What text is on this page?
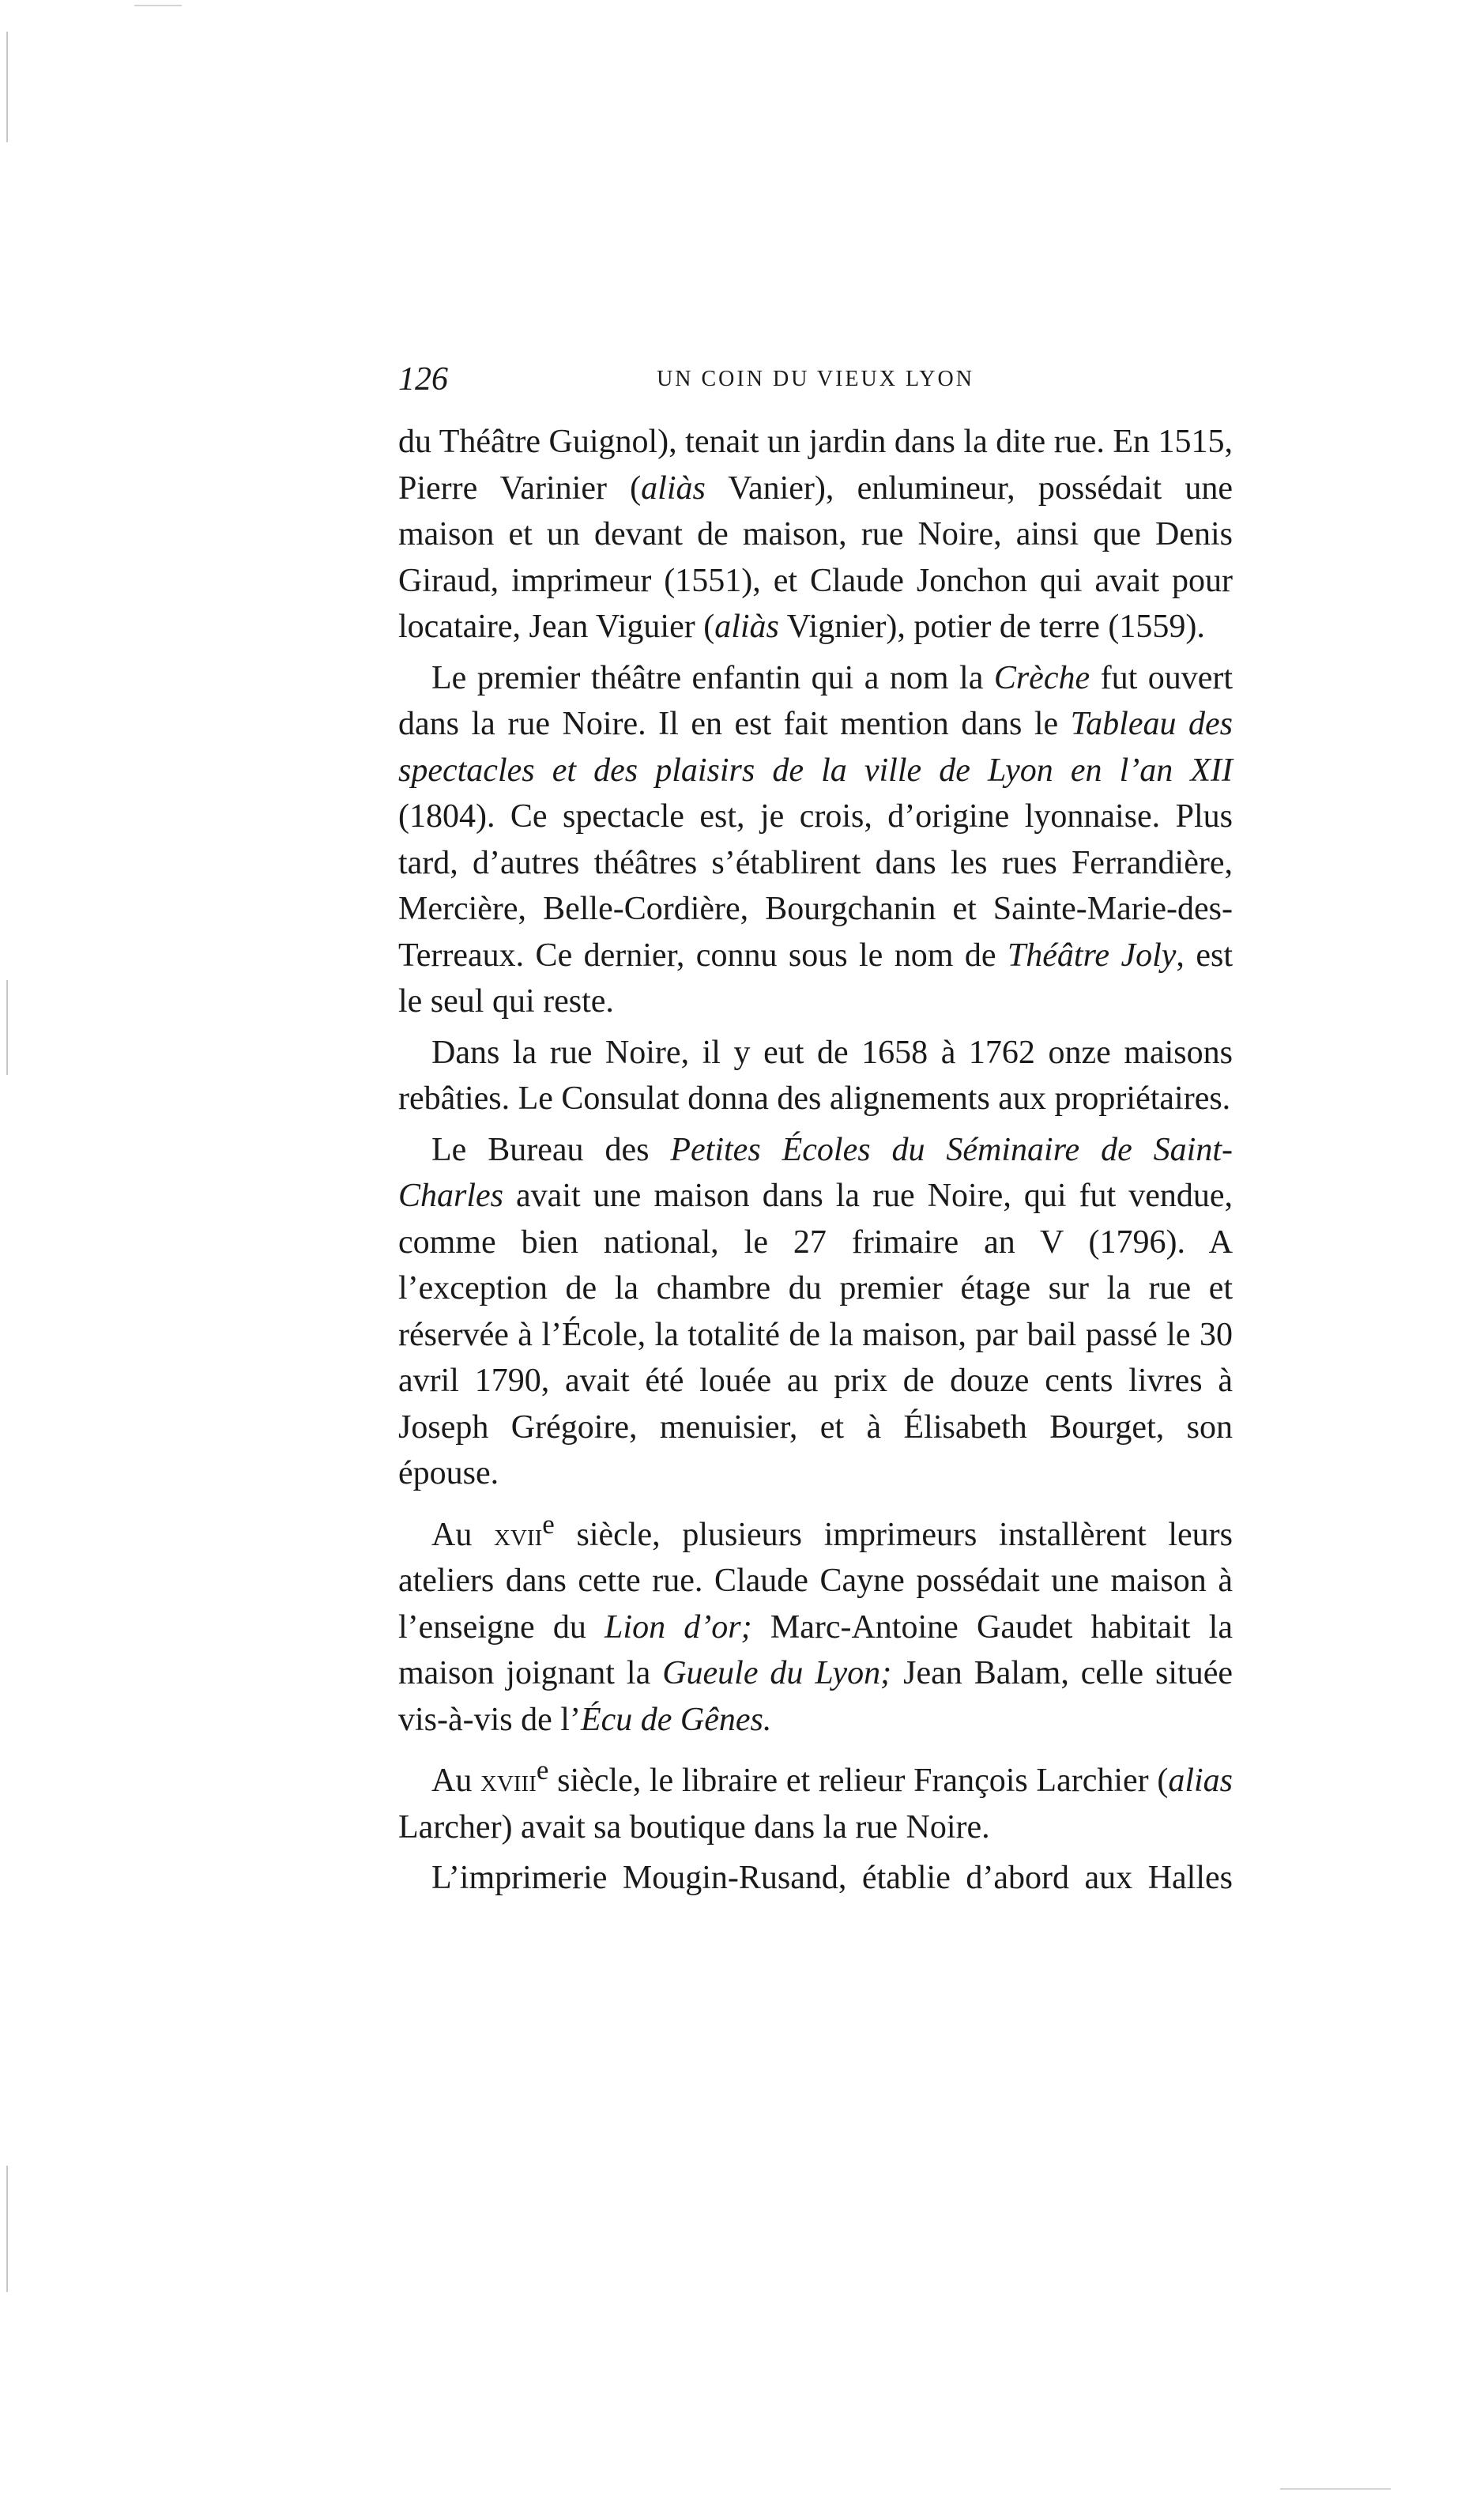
126	UN COIN DU VIEUX LYON

du Théâtre Guignol), tenait un jardin dans la dite rue. En 1515, Pierre Varinier (aliàs Vanier), enlumineur, possédait une maison et un devant de maison, rue Noire, ainsi que Denis Giraud, imprimeur (1551), et Claude Jonchon qui avait pour locataire, Jean Viguier (aliàs Vignier), potier de terre (1559).

Le premier théâtre enfantin qui a nom la Crèche fut ouvert dans la rue Noire. Il en est fait mention dans le Tableau des spectacles et des plaisirs de la ville de Lyon en l’an XII (1804). Ce spectacle est, je crois, d’origine lyonnaise. Plus tard, d’autres théâtres s’établirent dans les rues Ferrandière, Mercière, Belle-Cordière, Bourgchanin et Sainte-Marie-des-Terreaux. Ce dernier, connu sous le nom de Théâtre Joly, est le seul qui reste.

Dans la rue Noire, il y eut de 1658 à 1762 onze maisons rebâties. Le Consulat donna des alignements aux propriétaires.

Le Bureau des Petites Écoles du Séminaire de Saint-Charles avait une maison dans la rue Noire, qui fut vendue, comme bien national, le 27 frimaire an V (1796). A l’exception de la chambre du premier étage sur la rue et réservée à l’École, la totalité de la maison, par bail passé le 30 avril 1790, avait été louée au prix de douze cents livres à Joseph Grégoire, menuisier, et à Élisabeth Bourget, son épouse.

Au xvii$^e$ siècle, plusieurs imprimeurs installèrent leurs ateliers dans cette rue. Claude Cayne possédait une maison à l’enseigne du Lion d’or; Marc-Antoine Gaudet habitait la maison joignant la Gueule du Lyon; Jean Balam, celle située vis-à-vis de l’Écu de Gênes.

Au xviii$^e$ siècle, le libraire et relieur François Larchier (alias Larcher) avait sa boutique dans la rue Noire.

L’imprimerie Mougin-Rusand, établie d’abord aux Halles
